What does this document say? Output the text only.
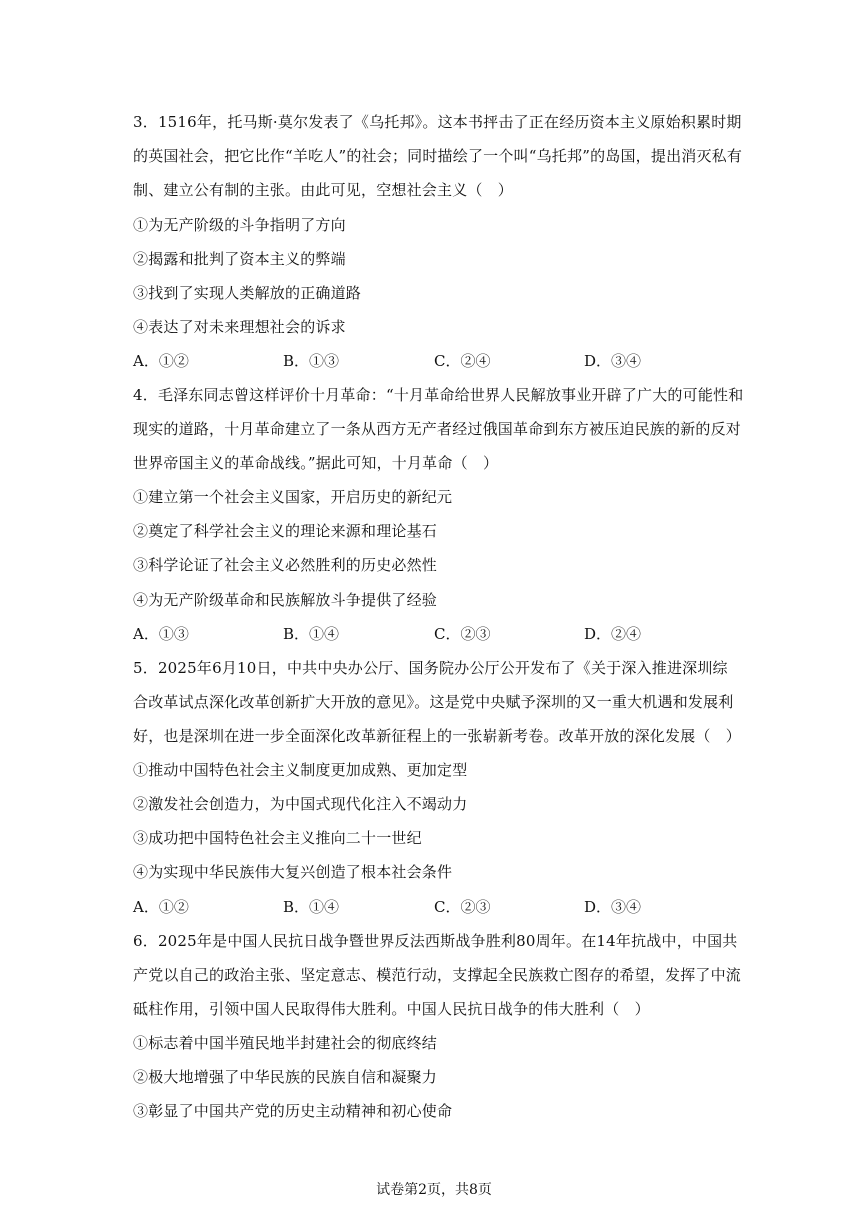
3．1516年，托马斯·莫尔发表了《乌托邦》。这本书抨击了正在经历资本主义原始积累时期
的英国社会，把它比作“羊吃人”的社会；同时描绘了一个叫“乌托邦”的岛国，提出消灭私有
制、建立公有制的主张。由此可见，空想社会主义（　）
①为无产阶级的斗争指明了方向
②揭露和批判了资本主义的弊端
③找到了实现人类解放的正确道路
④表达了对未来理想社会的诉求
A．①②	B．①③	C．②④	D．③④
4．毛泽东同志曾这样评价十月革命：“十月革命给世界人民解放事业开辟了广大的可能性和
现实的道路，十月革命建立了一条从西方无产者经过俄国革命到东方被压迫民族的新的反对
世界帝国主义的革命战线。”据此可知，十月革命（　）
①建立第一个社会主义国家，开启历史的新纪元
②奠定了科学社会主义的理论来源和理论基石
③科学论证了社会主义必然胜利的历史必然性
④为无产阶级革命和民族解放斗争提供了经验
A．①③	B．①④	C．②③	D．②④
5．2025年6月10日，中共中央办公厅、国务院办公厅公开发布了《关于深入推进深圳综
合改革试点深化改革创新扩大开放的意见》。这是党中央赋予深圳的又一重大机遇和发展利
好，也是深圳在进一步全面深化改革新征程上的一张崭新考卷。改革开放的深化发展（　）
①推动中国特色社会主义制度更加成熟、更加定型
②激发社会创造力，为中国式现代化注入不竭动力
③成功把中国特色社会主义推向二十一世纪
④为实现中华民族伟大复兴创造了根本社会条件
A．①②	B．①④	C．②③	D．③④
6．2025年是中国人民抗日战争暨世界反法西斯战争胜利80周年。在14年抗战中，中国共
产党以自己的政治主张、坚定意志、模范行动，支撑起全民族救亡图存的希望，发挥了中流
砥柱作用，引领中国人民取得伟大胜利。中国人民抗日战争的伟大胜利（　）
①标志着中国半殖民地半封建社会的彻底终结
②极大地增强了中华民族的民族自信和凝聚力
③彰显了中国共产党的历史主动精神和初心使命
试卷第2页，共8页
